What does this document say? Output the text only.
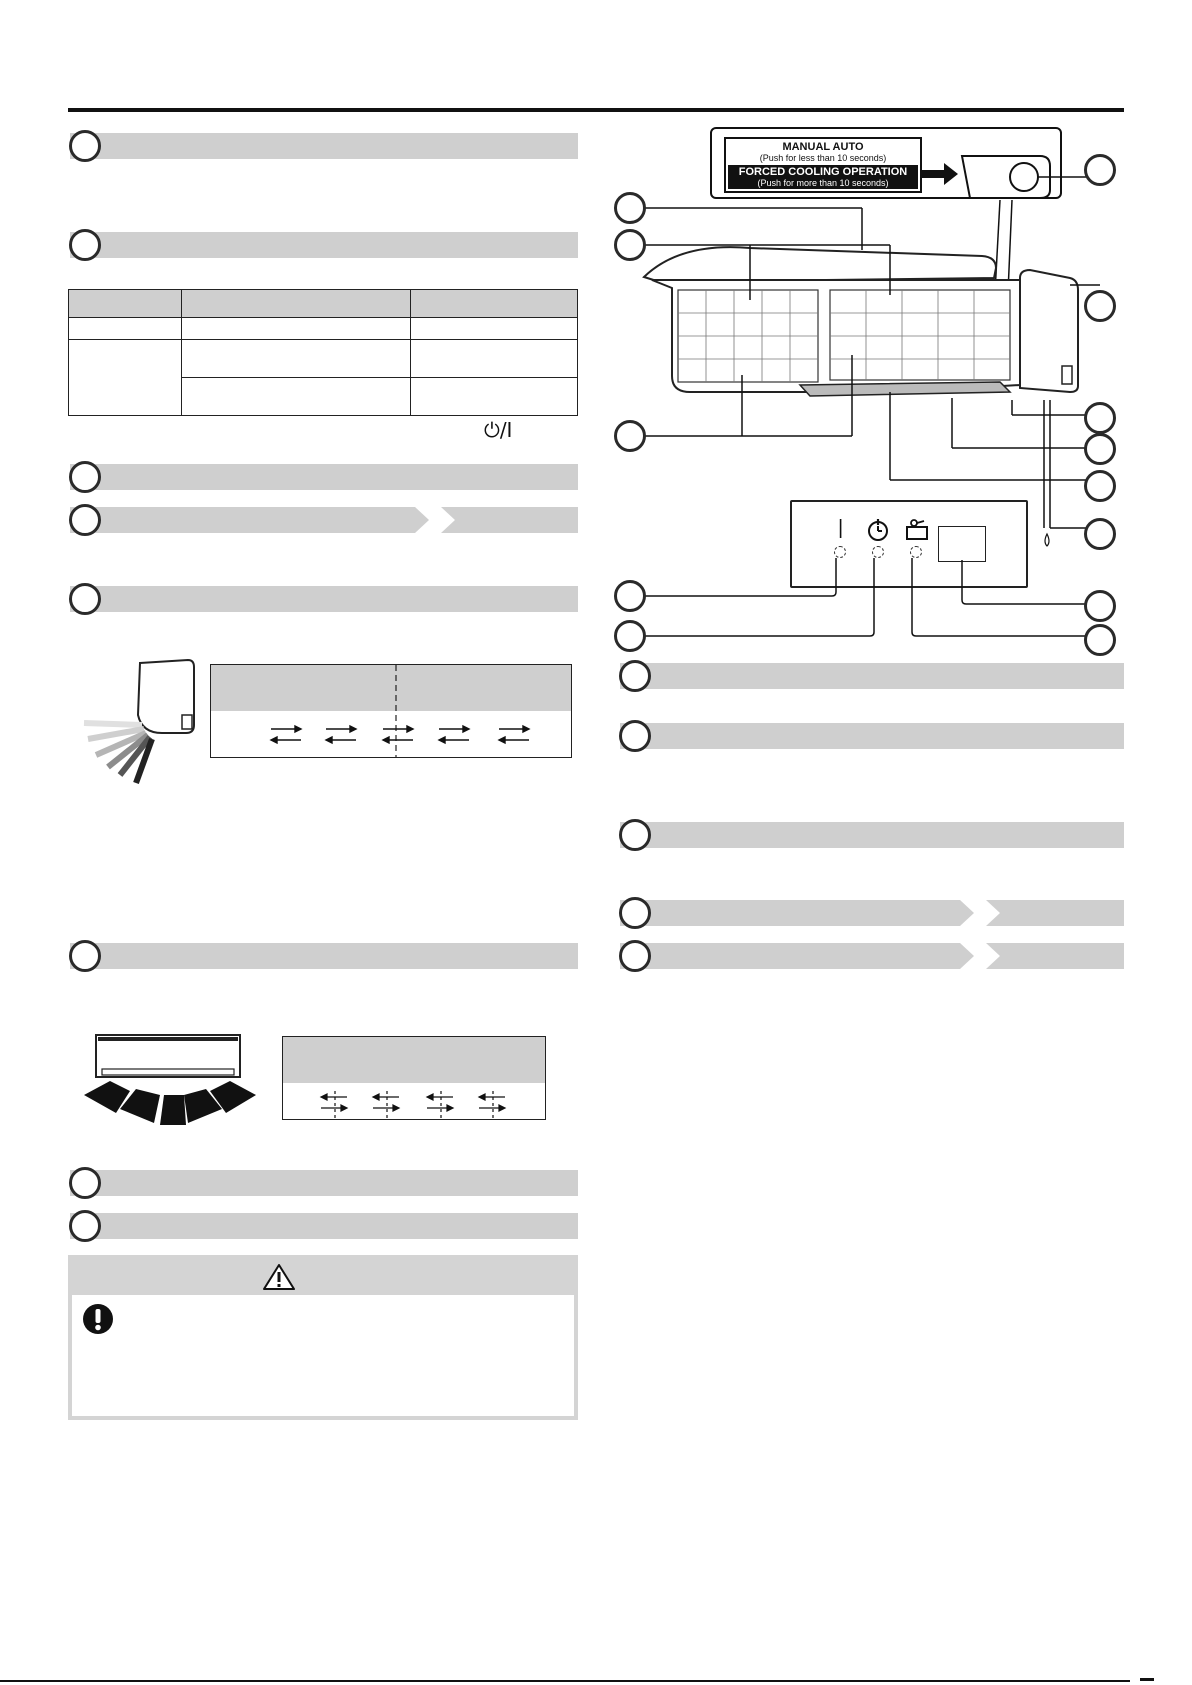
⏻/I
MANUAL AUTO
(Push for less than 10 seconds)
FORCED COOLING OPERATION
(Push for more than 10 seconds)
|
